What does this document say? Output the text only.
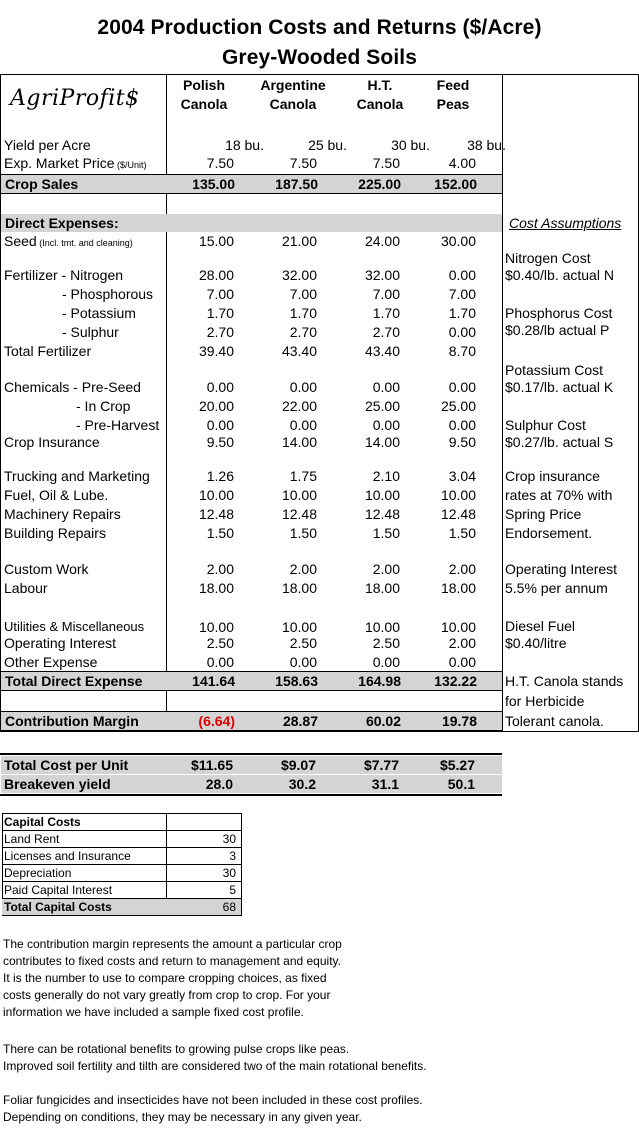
2004 Production Costs and Returns ($/Acre)
Grey-Wooded Soils
AgriProfit$
Polish
Canola
Argentine
Canola
H.T.
Canola
Feed
Peas
Yield per Acre	18 bu.	25 bu.	30 bu.	38 bu.
Exp. Market Price ($/Unit)	7.50	7.50	7.50	4.00
Crop Sales	135.00	187.50	225.00	152.00
Direct Expenses:
Seed (Incl. tmt. and cleaning)	15.00	21.00	24.00	30.00
Fertilizer - Nitrogen	28.00	32.00	32.00	0.00
- Phosphorous	7.00	7.00	7.00	7.00
- Potassium	1.70	1.70	1.70	1.70
- Sulphur	2.70	2.70	2.70	0.00
Total Fertilizer	39.40	43.40	43.40	8.70
Chemicals - Pre-Seed	0.00	0.00	0.00	0.00
- In Crop	20.00	22.00	25.00	25.00
- Pre-Harvest	0.00	0.00	0.00	0.00
Crop Insurance	9.50	14.00	14.00	9.50
Trucking and Marketing	1.26	1.75	2.10	3.04
Fuel, Oil & Lube.	10.00	10.00	10.00	10.00
Machinery Repairs	12.48	12.48	12.48	12.48
Building Repairs	1.50	1.50	1.50	1.50
Custom Work	2.00	2.00	2.00	2.00
Labour	18.00	18.00	18.00	18.00
Utilities & Miscellaneous	10.00	10.00	10.00	10.00
Operating Interest	2.50	2.50	2.50	2.00
Other Expense	0.00	0.00	0.00	0.00
Total Direct Expense	141.64	158.63	164.98	132.22
Contribution Margin	(6.64)	28.87	60.02	19.78
Cost Assumptions
Nitrogen Cost
$0.40/lb. actual N
Phosphorus Cost
$0.28/lb actual P
Potassium Cost
$0.17/lb. actual K
Sulphur Cost
$0.27/lb. actual S
Crop insurance
rates at 70% with
Spring Price
Endorsement.
Operating Interest
5.5% per annum
Diesel Fuel
$0.40/litre
H.T. Canola stands
for Herbicide
Tolerant canola.
Total Cost per Unit	$11.65	$9.07	$7.77	$5.27
Breakeven yield	28.0	30.2	31.1	50.1
Capital Costs
Land Rent	30
Licenses and Insurance	3
Depreciation	30
Paid Capital Interest	5
Total Capital Costs	68
The contribution margin represents the amount a particular crop
contributes to fixed costs and return to management and equity.
It is the number to use to compare cropping choices, as fixed
costs generally do not vary greatly from crop to crop. For your
information we have included a sample fixed cost profile.
There can be rotational benefits to growing pulse crops like peas.
Improved soil fertility and tilth are considered two of the main rotational benefits.
Foliar fungicides and insecticides have not been included in these cost profiles.
Depending on conditions, they may be necessary in any given year.
